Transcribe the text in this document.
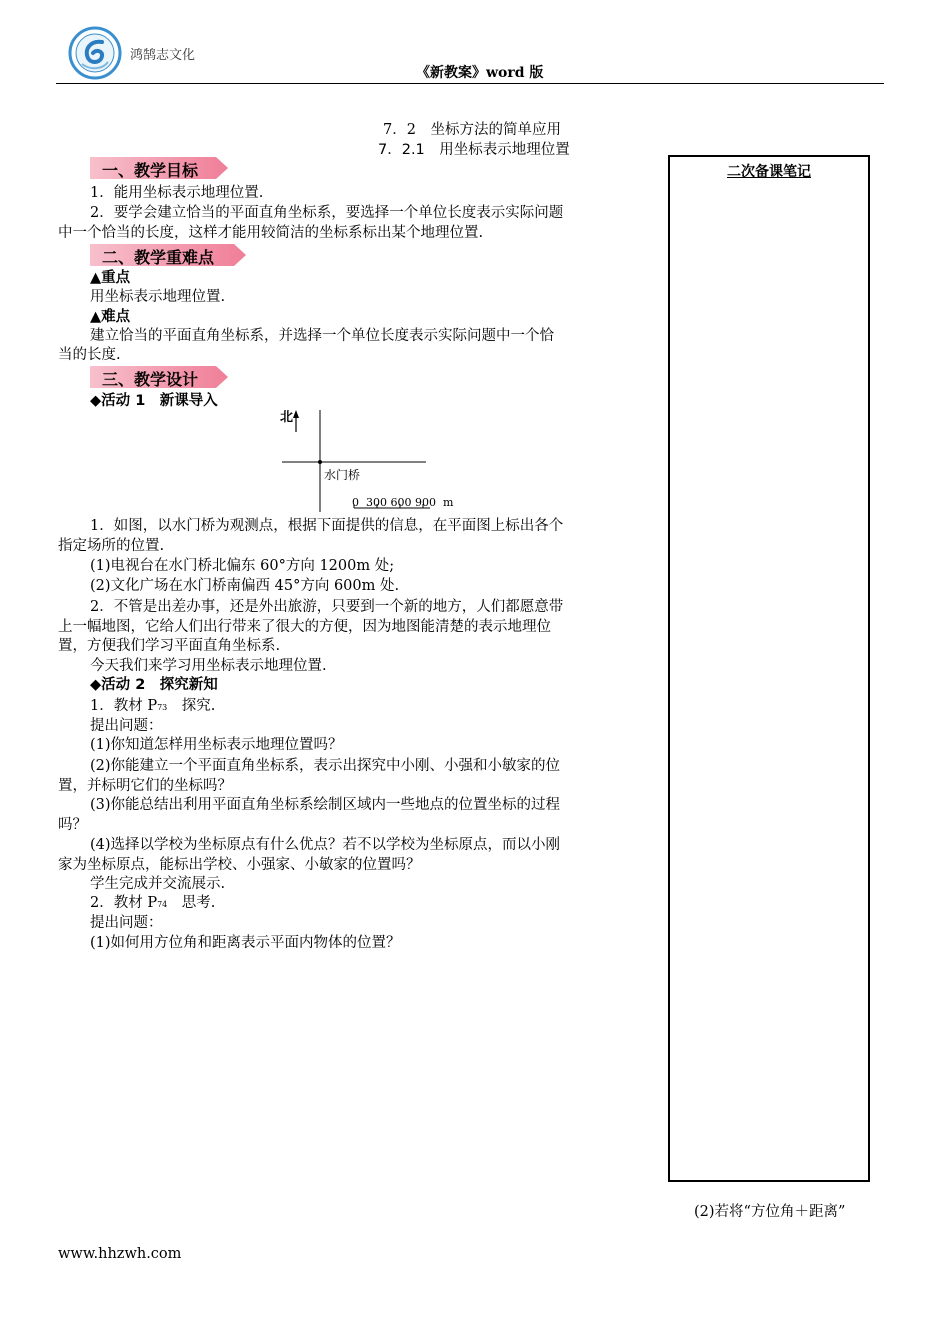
鸿鹄志文化
《新教案》word 版
7．2　坐标方法的简单应用
7．2.1　用坐标表示地理位置
二次备课笔记
一、教学目标
二、教学重难点
三、教学设计
1．能用坐标表示地理位置.
2．要学会建立恰当的平面直角坐标系，要选择一个单位长度表示实际问题
中一个恰当的长度，这样才能用较简洁的坐标系标出某个地理位置.
▲重点
用坐标表示地理位置.
▲难点
建立恰当的平面直角坐标系，并选择一个单位长度表示实际问题中一个恰
当的长度.
◆活动 1　新课导入
北
水门桥
0  300 600 900  m
1．如图，以水门桥为观测点，根据下面提供的信息，在平面图上标出各个
指定场所的位置.
(1)电视台在水门桥北偏东 60°方向 1200m 处;
(2)文化广场在水门桥南偏西 45°方向 600m 处.
2．不管是出差办事，还是外出旅游，只要到一个新的地方，人们都愿意带
上一幅地图，它给人们出行带来了很大的方便，因为地图能清楚的表示地理位
置，方便我们学习平面直角坐标系.
今天我们来学习用坐标表示地理位置.
◆活动 2　探究新知
1．教材 P73　探究.
提出问题：
(1)你知道怎样用坐标表示地理位置吗？
(2)你能建立一个平面直角坐标系，表示出探究中小刚、小强和小敏家的位
置，并标明它们的坐标吗？
(3)你能总结出利用平面直角坐标系绘制区域内一些地点的位置坐标的过程
吗？
(4)选择以学校为坐标原点有什么优点？若不以学校为坐标原点，而以小刚
家为坐标原点，能标出学校、小强家、小敏家的位置吗？
学生完成并交流展示.
2．教材 P74　思考.
提出问题：
(1)如何用方位角和距离表示平面内物体的位置？
(2)若将“方位角＋距离”
www.hhzwh.com
